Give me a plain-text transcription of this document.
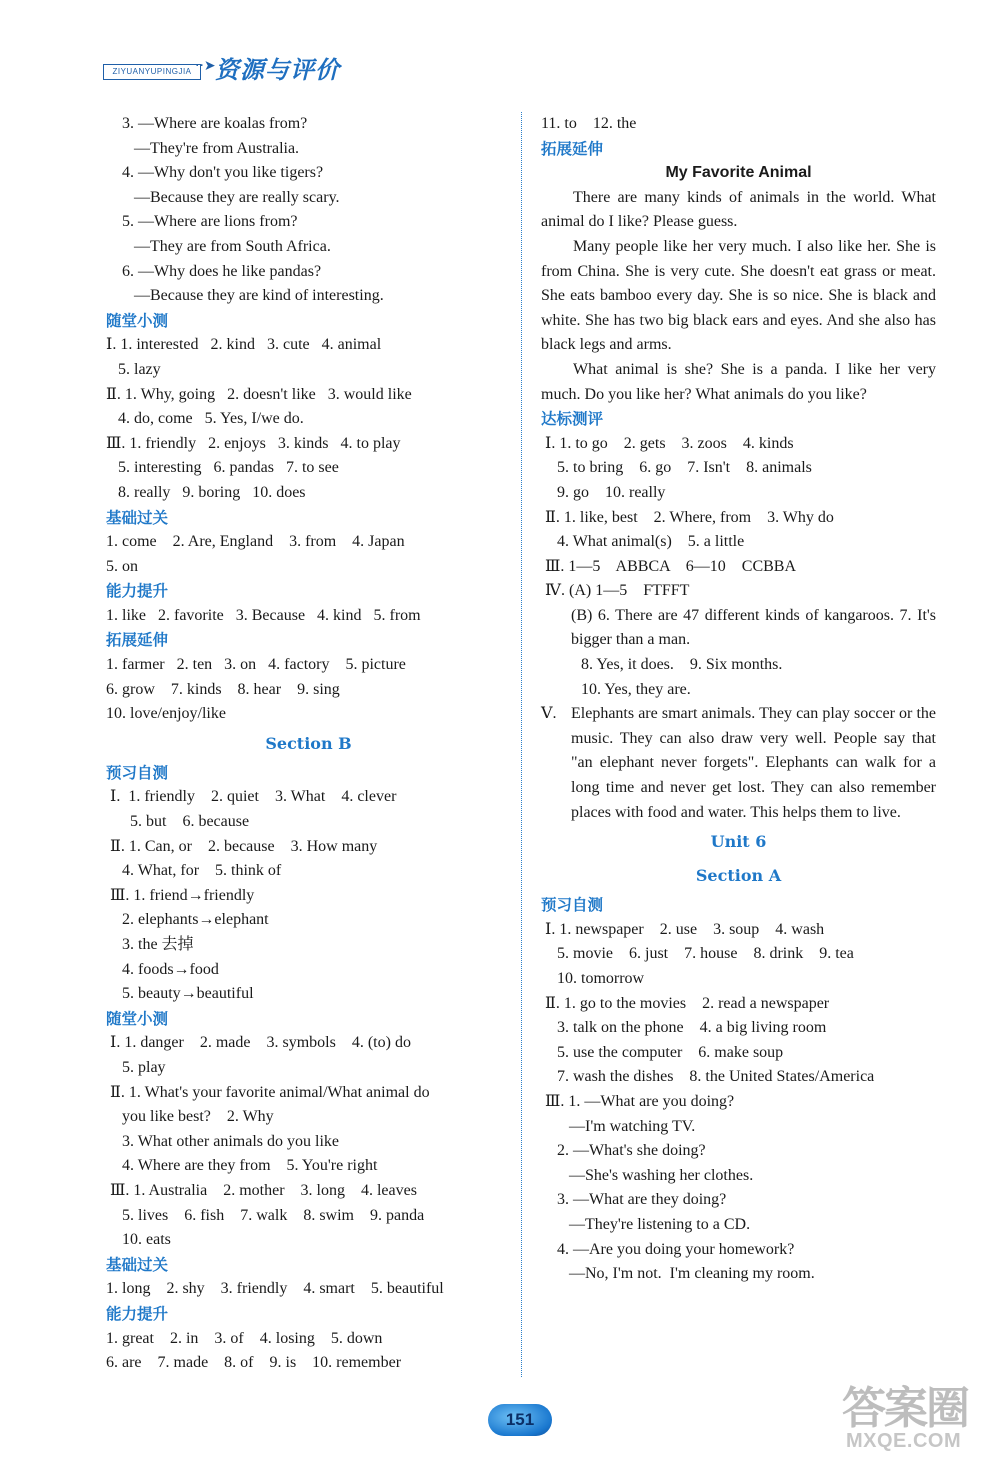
ZIYUANYUPINGJIA ··➤ 资源与评价
3. —Where are koalas from?
—They're from Australia.
4. —Why don't you like tigers?
—Because they are really scary.
5. —Where are lions from?
—They are from South Africa.
6. —Why does he like pandas?
—Because they are kind of interesting.
随堂小测
Ⅰ. 1. interested   2. kind   3. cute   4. animal
5. lazy
Ⅱ. 1. Why, going   2. doesn't like   3. would like
4. do, come   5. Yes, I/we do.
Ⅲ. 1. friendly   2. enjoys   3. kinds   4. to play
5. interesting   6. pandas   7. to see
8. really   9. boring   10. does
基础过关
1. come    2. Are, England    3. from    4. Japan
5. on
能力提升
1. like   2. favorite   3. Because   4. kind   5. from
拓展延伸
1. farmer   2. ten   3. on   4. factory    5. picture
6. grow    7. kinds    8. hear    9. sing
10. love/enjoy/like
Section B
预习自测
Ⅰ.  1. friendly    2. quiet    3. What    4. clever
5. but    6. because
Ⅱ. 1. Can, or    2. because    3. How many
4. What, for    5. think of
Ⅲ. 1. friend→friendly
2. elephants→elephant
3. the 去掉
4. foods→food
5. beauty→beautiful
随堂小测
Ⅰ. 1. danger    2. made    3. symbols    4. (to) do
5. play
Ⅱ. 1. What's your favorite animal/What animal do
you like best?    2. Why
3. What other animals do you like
4. Where are they from    5. You're right
Ⅲ. 1. Australia    2. mother    3. long    4. leaves
5. lives    6. fish    7. walk    8. swim    9. panda
10. eats
基础过关
1. long    2. shy    3. friendly    4. smart    5. beautiful
能力提升
1. great    2. in    3. of    4. losing    5. down
6. are    7. made    8. of    9. is    10. remember
11. to    12. the
拓展延伸
My Favorite Animal
There are many kinds of animals in the world. What animal do I like? Please guess.
Many people like her very much. I also like her. She is from China. She is very cute. She doesn't eat grass or meat. She eats bamboo every day. She is so nice. She is black and white. She has two big black ears and eyes. And she also has black legs and arms.
What animal is she? She is a panda. I like her very much. Do you like her? What animals do you like?
达标测评
Ⅰ. 1. to go    2. gets    3. zoos    4. kinds
5. to bring    6. go    7. Isn't    8. animals
9. go    10. really
Ⅱ. 1. like, best    2. Where, from    3. Why do
4. What animal(s)    5. a little
Ⅲ. 1—5    ABBCA    6—10    CCBBA
Ⅳ. (A) 1—5    FTFFT
(B) 6. There are 47 different kinds of kangaroos. 7. It's bigger than a man.
8. Yes, it does.    9. Six months.
10. Yes, they are.
Ⅴ. Elephants are smart animals. They can play soccer or the music. They can also draw very well. People say that "an elephant never forgets". Elephants can walk for a long time and never get lost. They can also remember places with food and water. This helps them to live.
Unit 6
Section A
预习自测
Ⅰ. 1. newspaper    2. use    3. soup    4. wash
5. movie    6. just    7. house    8. drink    9. tea
10. tomorrow
Ⅱ. 1. go to the movies    2. read a newspaper
3. talk on the phone    4. a big living room
5. use the computer    6. make soup
7. wash the dishes    8. the United States/America
Ⅲ. 1. —What are you doing?
—I'm watching TV.
2. —What's she doing?
—She's washing her clothes.
3. —What are they doing?
—They're listening to a CD.
4. —Are you doing your homework?
—No, I'm not.  I'm cleaning my room.
151	答案圈
MXQE.COM
